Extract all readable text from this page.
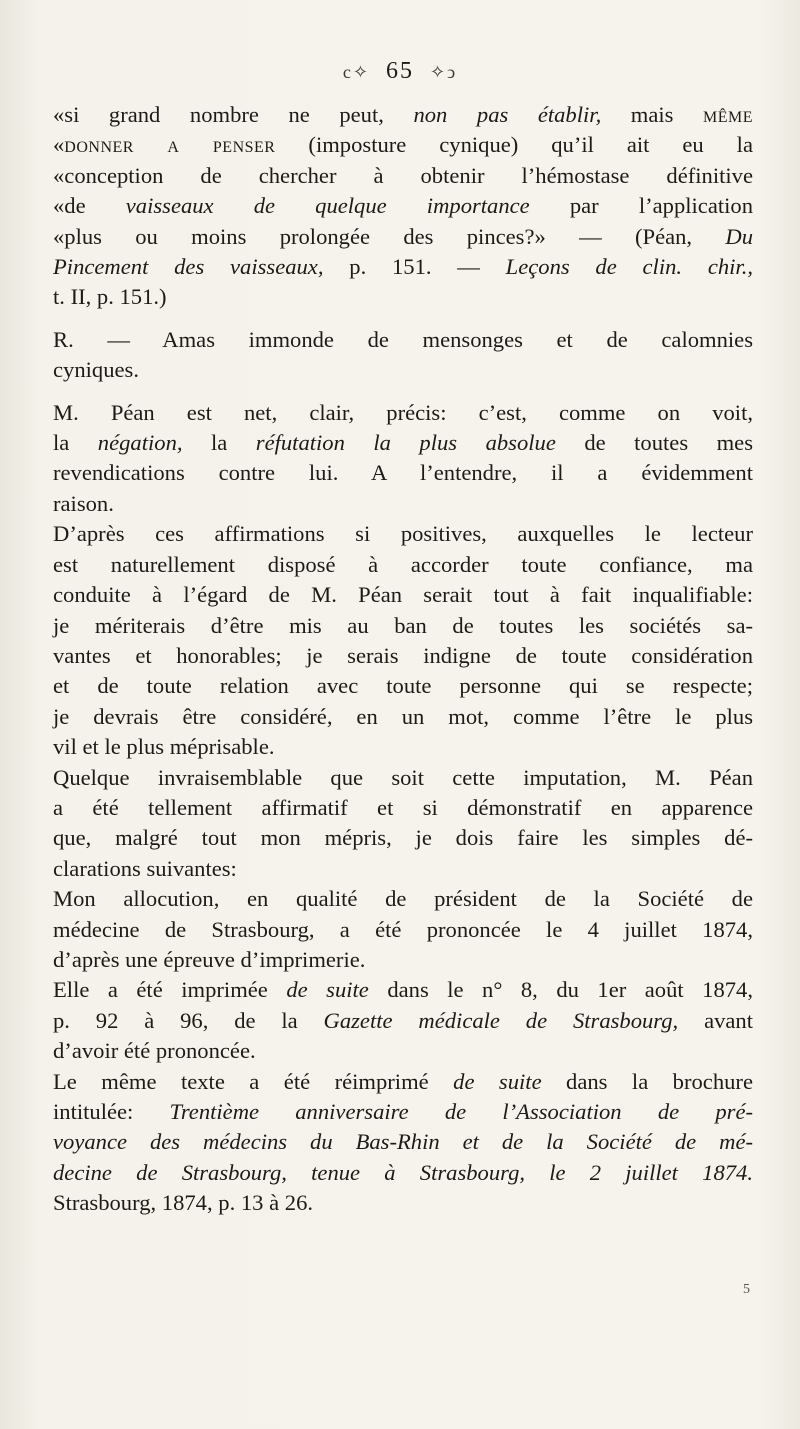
c✧ 65 ✧ↄ
«si grand nombre ne peut, non pas établir, mais même
«donner a penser (imposture cynique) qu’il ait eu la
«conception de chercher à obtenir l’hémostase définitive
«de vaisseaux de quelque importance par l’application
«plus ou moins prolongée des pinces?» — (Péan, Du
Pincement des vaisseaux, p. 151. — Leçons de clin. chir.,
t. II, p. 151.)
R. — Amas immonde de mensonges et de calomnies
cyniques.
M. Péan est net, clair, précis: c’est, comme on voit,
la négation, la réfutation la plus absolue de toutes mes
revendications contre lui. A l’entendre, il a évidemment
raison.
D’après ces affirmations si positives, auxquelles le lecteur
est naturellement disposé à accorder toute confiance, ma
conduite à l’égard de M. Péan serait tout à fait inqualifiable:
je mériterais d’être mis au ban de toutes les sociétés sa-
vantes et honorables; je serais indigne de toute considération
et de toute relation avec toute personne qui se respecte;
je devrais être considéré, en un mot, comme l’être le plus
vil et le plus méprisable.
Quelque invraisemblable que soit cette imputation, M. Péan
a été tellement affirmatif et si démonstratif en apparence
que, malgré tout mon mépris, je dois faire les simples dé-
clarations suivantes:
Mon allocution, en qualité de président de la Société de
médecine de Strasbourg, a été prononcée le 4 juillet 1874,
d’après une épreuve d’imprimerie.
Elle a été imprimée de suite dans le n° 8, du 1er août 1874,
p. 92 à 96, de la Gazette médicale de Strasbourg, avant
d’avoir été prononcée.
Le même texte a été réimprimé de suite dans la brochure
intitulée: Trentième anniversaire de l’Association de pré-
voyance des médecins du Bas-Rhin et de la Société de mé-
decine de Strasbourg, tenue à Strasbourg, le 2 juillet 1874.
Strasbourg, 1874, p. 13 à 26.
5
